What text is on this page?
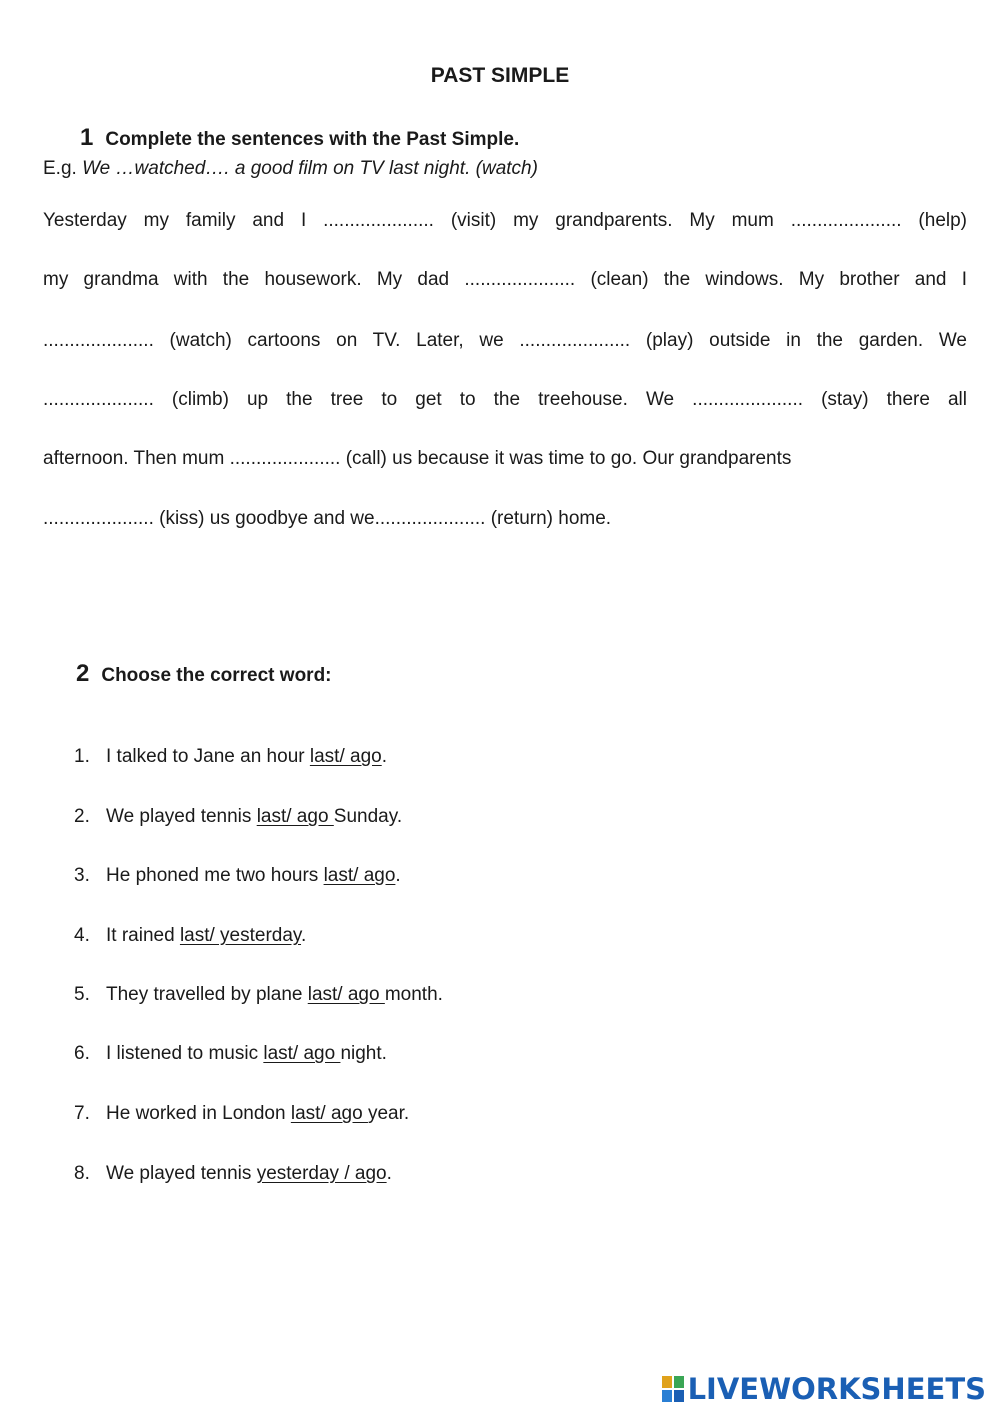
PAST SIMPLE
1 Complete the sentences with the Past Simple.
E.g. We …watched…. a good film on TV last night. (watch)
Yesterday my family and I ..................... (visit) my grandparents. My mum ..................... (help)
my grandma with the housework. My dad ..................... (clean) the windows. My brother and I
..................... (watch) cartoons on TV. Later, we ..................... (play) outside in the garden. We
..................... (climb) up the tree to get to the treehouse. We ..................... (stay) there all
afternoon. Then mum ..................... (call) us because it was time to go. Our grandparents
..................... (kiss) us goodbye and we..................... (return) home.
2 Choose the correct word:
1. I talked to Jane an hour last/ ago.
2. We played tennis last/ ago Sunday.
3. He phoned me two hours last/ ago.
4. It rained last/ yesterday.
5. They travelled by plane last/ ago month.
6. I listened to music last/ ago night.
7. He worked in London last/ ago year.
8. We played tennis yesterday / ago.
LIVEWORKSHEETS
